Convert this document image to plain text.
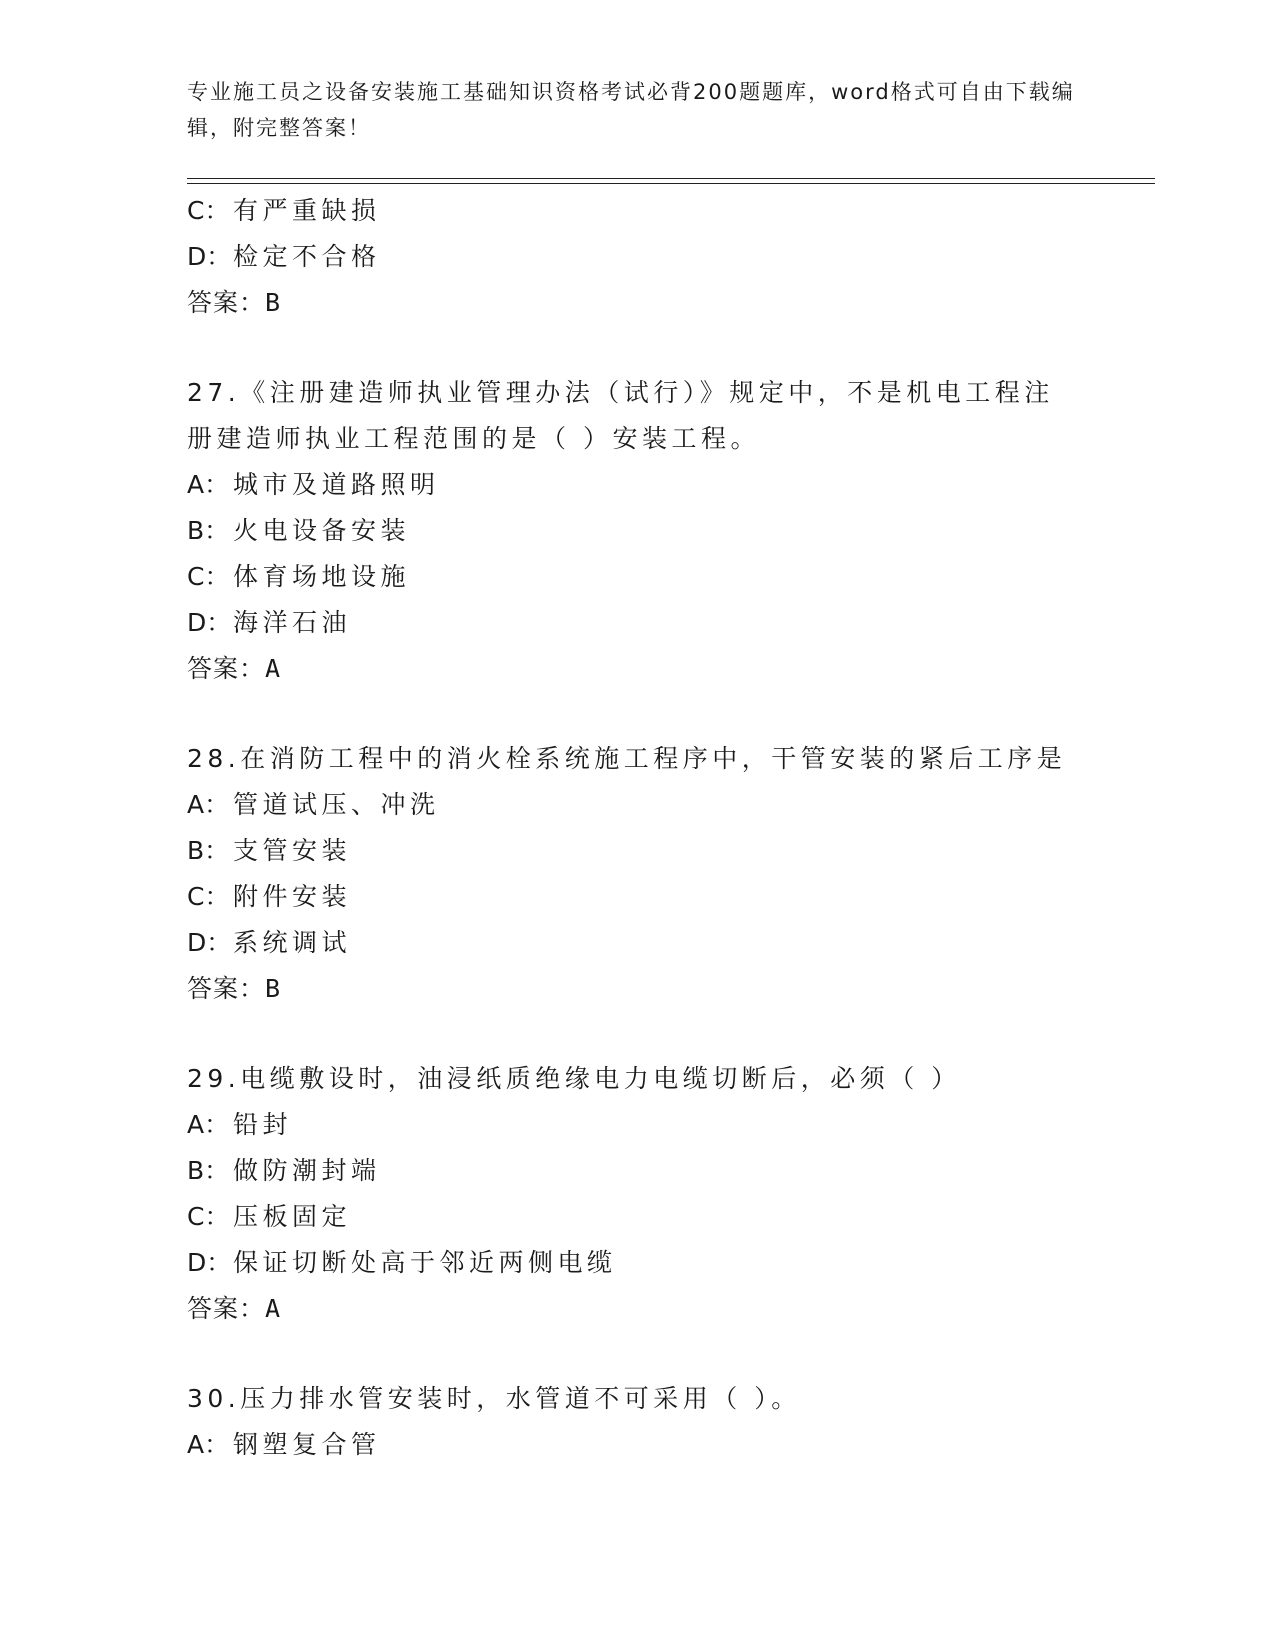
专业施工员之设备安装施工基础知识资格考试必背200题题库，word格式可自由下载编辑，附完整答案！
C： 有严重缺损
D：检定不合格
答案：B
27.《注册建造师执业管理办法（试行）》规定中，不是机电工程注册建造师执业工程范围的是（ ）安装工程。
A： 城市及道路照明
B： 火电设备安装
C： 体育场地设施
D：海洋石油
答案：A
28.在消防工程中的消火栓系统施工程序中，干管安装的紧后工序是
A： 管道试压、冲洗
B： 支管安装
C： 附件安装
D：系统调试
答案：B
29.电缆敷设时，油浸纸质绝缘电力电缆切断后，必须（ ）
A： 铅封
B： 做防潮封端
C： 压板固定
D：保证切断处高于邻近两侧电缆
答案：A
30.压力排水管安装时，水管道不可采用（ ）。
A： 钢塑复合管
